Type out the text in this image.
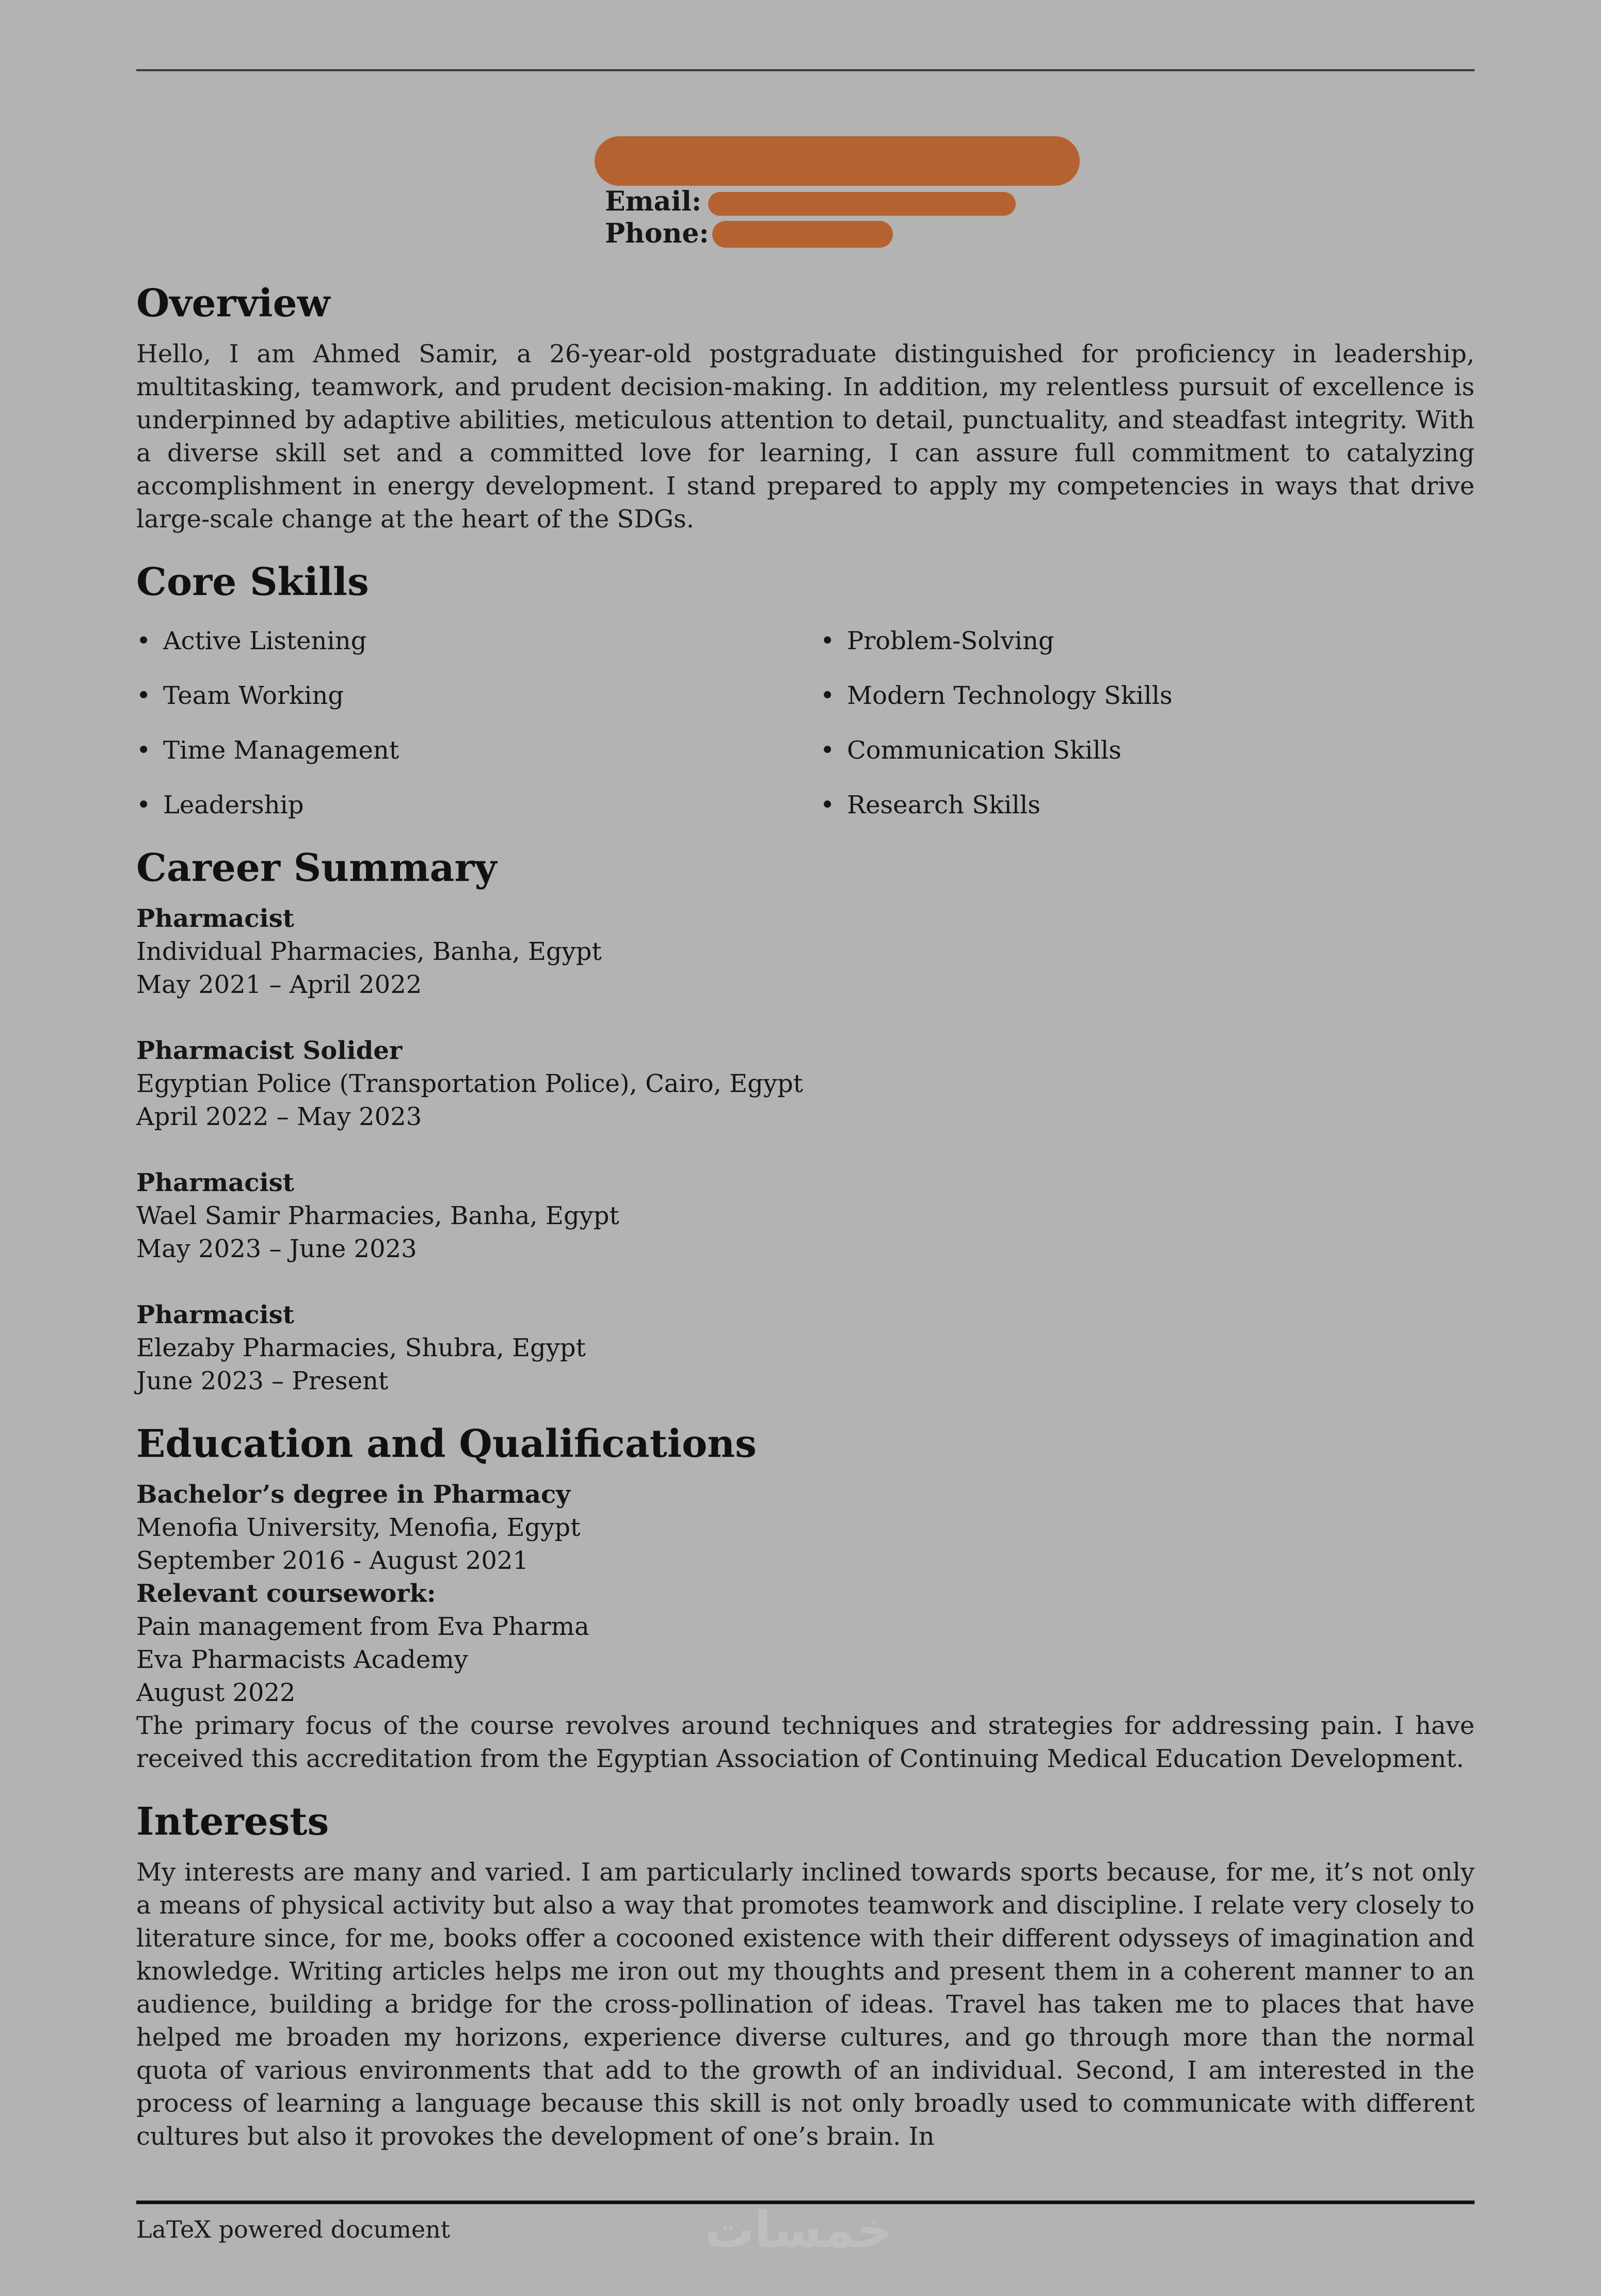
Email:
Phone:
Overview

Hello, I am Ahmed Samir, a 26-year-old postgraduate distinguished for proficiency in leadership, multitasking, teamwork, and prudent decision-making. In addition, my relentless pursuit of excellence is underpinned by adaptive abilities, meticulous attention to detail, punctuality, and steadfast integrity. With a diverse skill set and a committed love for learning, I can assure full commitment to catalyzing accomplishment in energy development. I stand prepared to apply my competencies in ways that drive large-scale change at the heart of the SDGs.

Core Skills
• Active Listening	• Problem-Solving
• Team Working	• Modern Technology Skills
• Time Management	• Communication Skills
• Leadership	• Research Skills
Career Summary
Pharmacist
Individual Pharmacies, Banha, Egypt
May 2021 – April 2022
Pharmacist Solider
Egyptian Police (Transportation Police), Cairo, Egypt
April 2022 – May 2023
Pharmacist
Wael Samir Pharmacies, Banha, Egypt
May 2023 – June 2023
Pharmacist
Elezaby Pharmacies, Shubra, Egypt
June 2023 – Present
Education and Qualifications
Bachelor’s degree in Pharmacy
Menofia University, Menofia, Egypt
September 2016 - August 2021
Relevant coursework:
Pain management from Eva Pharma
Eva Pharmacists Academy
August 2022

The primary focus of the course revolves around techniques and strategies for addressing pain. I have received this accreditation from the Egyptian Association of Continuing Medical Education Development.

Interests

My interests are many and varied. I am particularly inclined towards sports because, for me, it’s not only a means of physical activity but also a way that promotes teamwork and discipline. I relate very closely to literature since, for me, books offer a cocooned existence with their different odysseys of imagination and knowledge. Writing articles helps me iron out my thoughts and present them in a coherent manner to an audience, building a bridge for the cross-pollination of ideas. Travel has taken me to places that have helped me broaden my horizons, experience diverse cultures, and go through more than the normal quota of various environments that add to the growth of an individual. Second, I am interested in the process of learning a language because this skill is not only broadly used to communicate with different cultures but also it provokes the development of one’s brain. In

LaTeX powered document	خمسات
